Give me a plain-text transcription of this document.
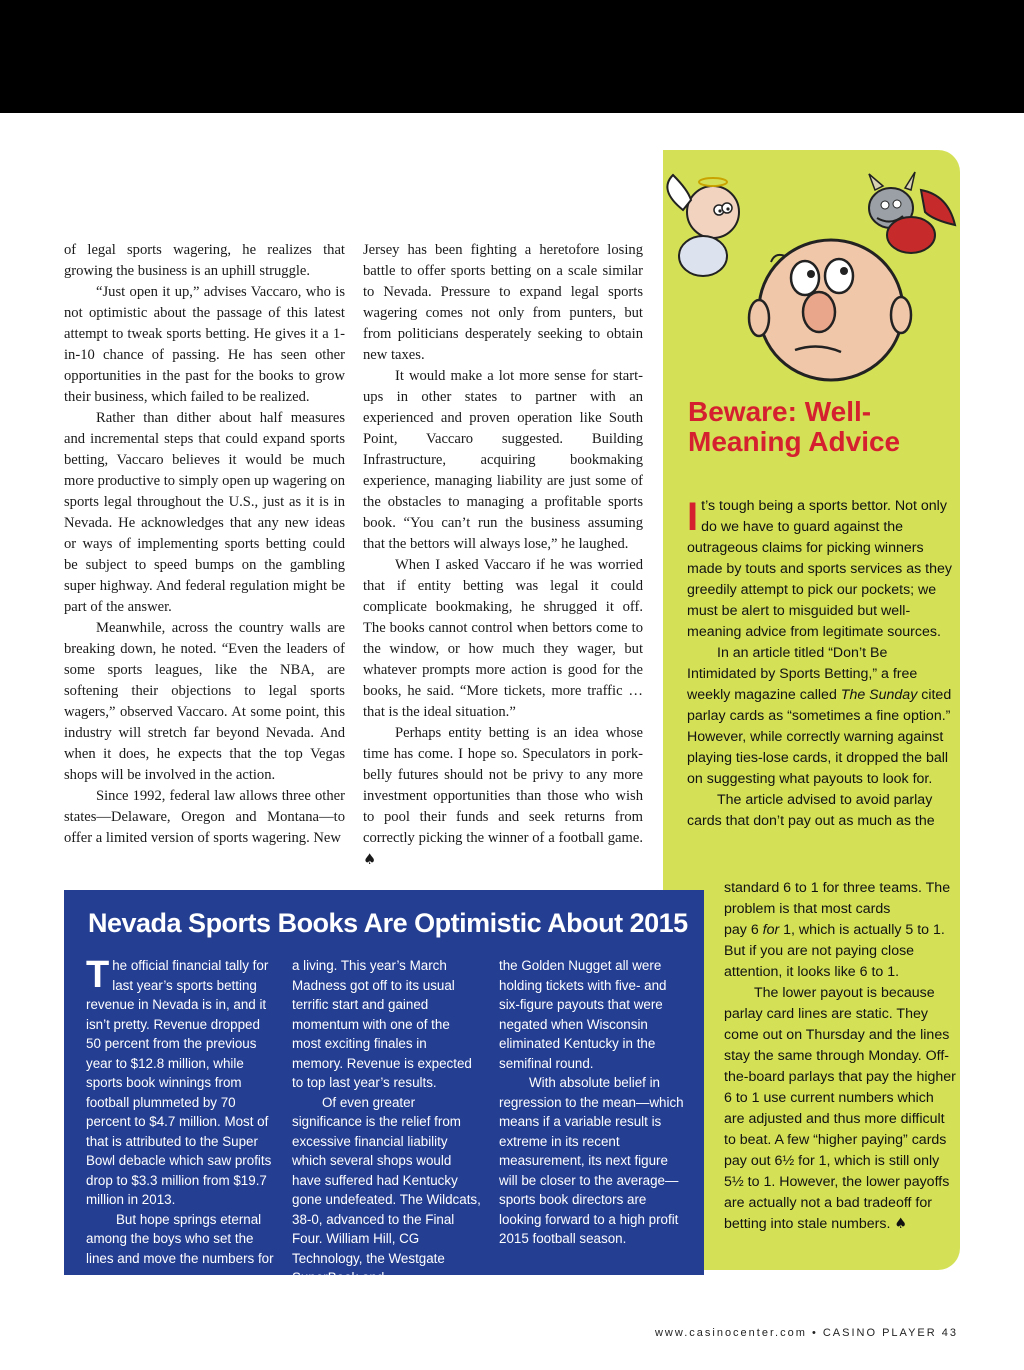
of legal sports wagering, he realizes that growing the business is an uphill struggle.

“Just open it up,” advises Vaccaro, who is not optimistic about the passage of this latest attempt to tweak sports betting. He gives it a 1-in-10 chance of passing. He has seen other opportunities in the past for the books to grow their business, which failed to be realized.

Rather than dither about half measures and incremental steps that could expand sports betting, Vaccaro believes it would be much more productive to simply open up wagering on sports legal throughout the U.S., just as it is in Nevada. He acknowledges that any new ideas or ways of implementing sports betting could be subject to speed bumps on the gambling super highway. And federal regulation might be part of the answer.

Meanwhile, across the country walls are breaking down, he noted. “Even the leaders of some sports leagues, like the NBA, are softening their objections to legal sports wagers,” observed Vaccaro. At some point, this industry will stretch far beyond Nevada. And when it does, he expects that the top Vegas shops will be involved in the action.

Since 1992, federal law allows three other states—Delaware, Oregon and Montana—to offer a limited version of sports wagering. New

Jersey has been fighting a heretofore losing battle to offer sports betting on a scale similar to Nevada. Pressure to expand legal sports wagering comes not only from punters, but from politicians desperately seeking to obtain new taxes.

It would make a lot more sense for start-ups in other states to partner with an experienced and proven operation like South Point, Vaccaro suggested. Building Infrastructure, acquiring bookmaking experience, managing liability are just some of the obstacles to managing a profitable sports book. “You can’t run the business assuming that the bettors will always lose,” he laughed.

When I asked Vaccaro if he was worried that if entity betting was legal it could complicate bookmaking, he shrugged it off. The books cannot control when bettors come to the window, or how much they wager, but whatever prompts more action is good for the books, he said. “More tickets, more traffic … that is the ideal situation.”

Perhaps entity betting is an idea whose time has come. I hope so. Speculators in pork-belly futures should not be privy to any more investment opportunities than those who wish to pool their funds and seek returns from correctly picking the winner of a football game. ♠

Beware: Well-Meaning Advice

It’s tough being a sports bettor. Not only do we have to guard against the outrageous claims for picking winners made by touts and sports services as they greedily attempt to pick our pockets; we must be alert to misguided but well-meaning advice from legitimate sources.

In an article titled “Don’t Be Intimidated by Sports Betting,” a free weekly magazine called The Sunday cited parlay cards as “sometimes a fine option.” However, while correctly warning against playing ties-lose cards, it dropped the ball on suggesting what payouts to look for.

The article advised to avoid parlay cards that don’t pay out as much as the

standard 6 to 1 for three teams. The problem is that most cards

pay 6 for 1, which is actually 5 to 1. But if you are not paying close attention, it looks like 6 to 1.

The lower payout is because parlay card lines are static. They come out on Thursday and the lines stay the same through Monday. Off-the-board parlays that pay the higher 6 to 1 use current numbers which are adjusted and thus more difficult to beat. A few “higher paying” cards pay out 6½ for 1, which is still only 5½ to 1. However, the lower payoffs are actually not a bad tradeoff for betting into stale numbers. ♠

Nevada Sports Books Are Optimistic About 2015

The official financial tally for last year’s sports betting revenue in Nevada is in, and it isn’t pretty. Revenue dropped 50 percent from the previous year to $12.8 million, while sports book winnings from football plummeted by 70 percent to $4.7 million. Most of that is attributed to the Super Bowl debacle which saw profits drop to $3.3 million from $19.7 million in 2013.

But hope springs eternal among the boys who set the lines and move the numbers for

a living. This year’s March Madness got off to its usual terrific start and gained momentum with one of the most exciting finales in memory. Revenue is expected to top last year’s results.

Of even greater significance is the relief from excessive financial liability which several shops would have suffered had Kentucky gone undefeated. The Wildcats, 38-0, advanced to the Final Four. William Hill, CG Technology, the Westgate SuperBook and

the Golden Nugget all were holding tickets with five- and six-figure payouts that were negated when Wisconsin eliminated Kentucky in the semifinal round.

With absolute belief in regression to the mean—which means if a variable result is extreme in its recent measurement, its next figure will be closer to the average—sports book directors are looking forward to a high profit 2015 football season.

www.casinocenter.com • CASINO PLAYER 43
